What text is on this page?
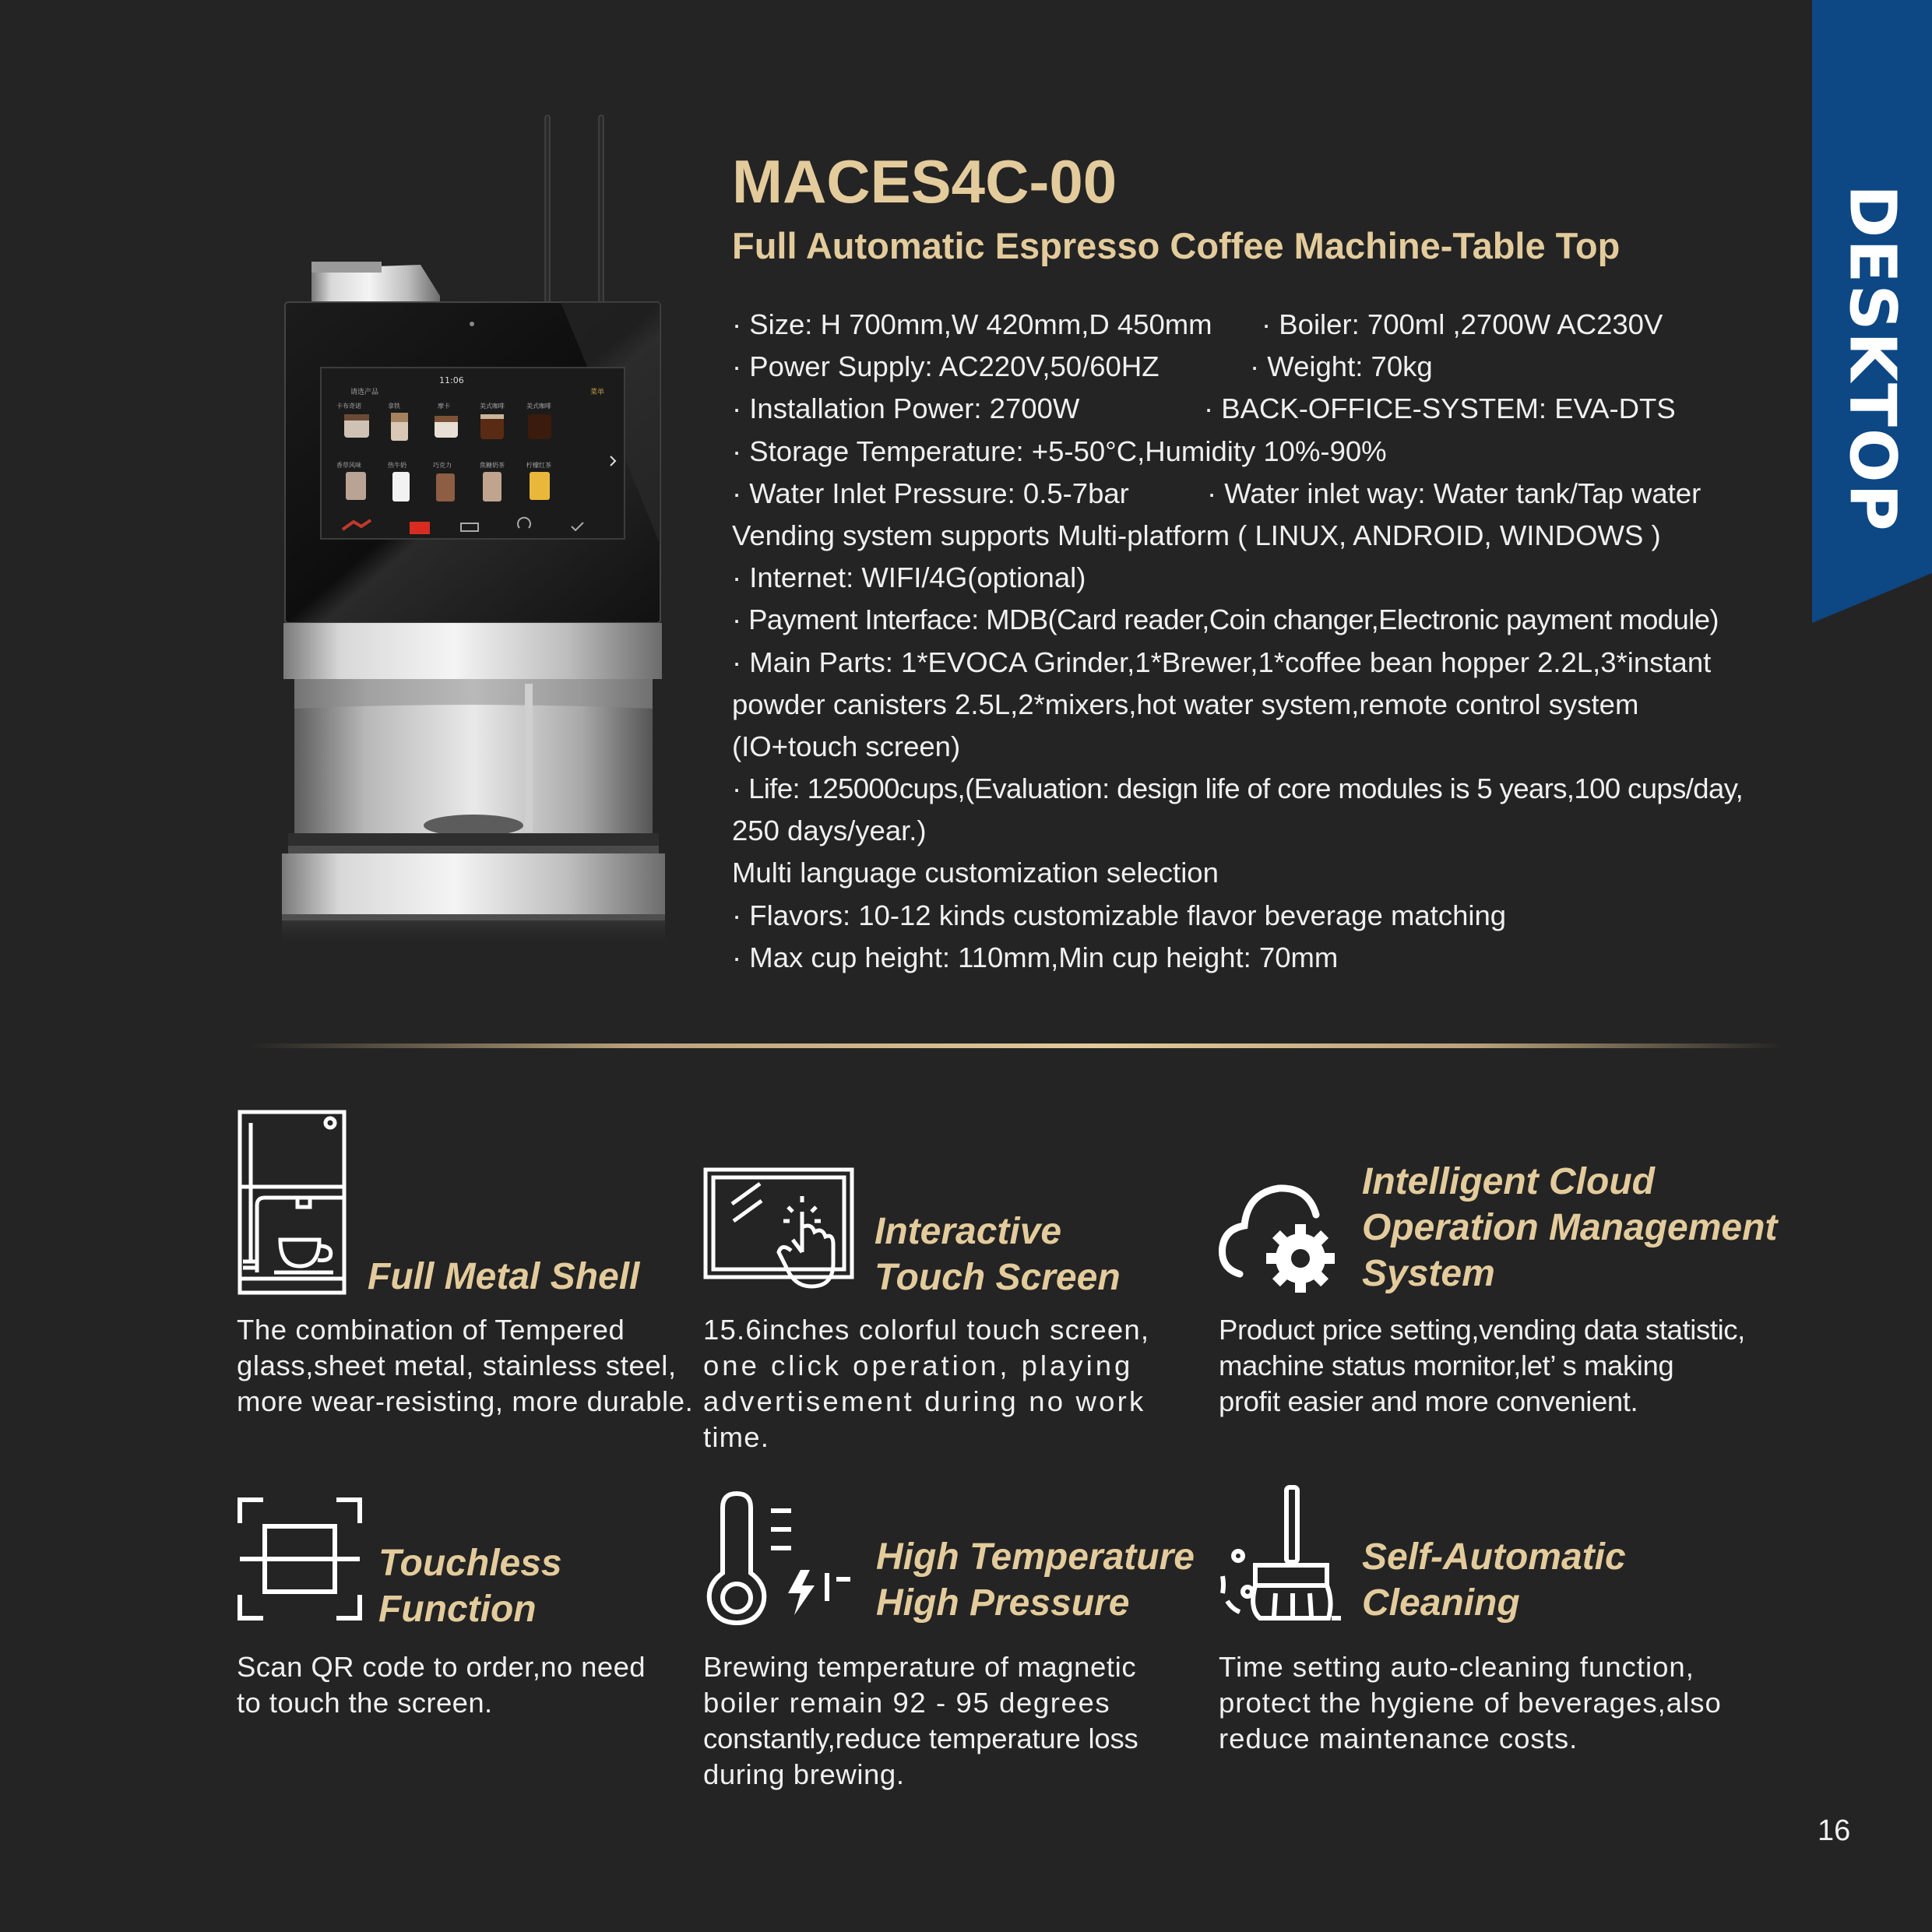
DESKTOP
11:06
请选产品	菜单
卡布奇诺	拿铁	摩卡	美式咖啡	美式咖啡
香草风味	热牛奶	巧克力	焦糖奶茶	柠檬红茶
MACES4C-00
Full Automatic Espresso Coffee Machine-Table Top
· Size: H 700mm,W 420mm,D 450mm · Boiler: 700ml ,2700W AC230V
· Power Supply: AC220V,50/60HZ	· Weight: 70kg
· Installation Power: 2700W	· BACK-OFFICE-SYSTEM: EVA-DTS
· Storage Temperature: +5-50°C,Humidity 10%-90%
· Water Inlet Pressure: 0.5-7bar	· Water inlet way: Water tank/Tap water
Vending system supports Multi-platform ( LINUX, ANDROID, WINDOWS )
· Internet: WIFI/4G(optional)
· Payment Interface: MDB(Card reader,Coin changer,Electronic payment module)
· Main Parts: 1*EVOCA Grinder,1*Brewer,1*coffee bean hopper 2.2L,3*instant
powder canisters 2.5L,2*mixers,hot water system,remote control system
(IO+touch screen)
· Life: 125000cups,(Evaluation: design life of core modules is 5 years,100 cups/day,
250 days/year.)
Multi language customization selection
· Flavors: 10-12 kinds customizable flavor beverage matching
· Max cup height: 110mm,Min cup height: 70mm
Full Metal Shell

The combination of Tempered
glass,sheet metal, stainless steel,
more wear-resisting, more durable.

Interactive
Touch Screen

15.6inches colorful touch screen,
one click operation, playing
advertisement during no work
time.

Intelligent Cloud
Operation Management
System

Product price setting,vending data statistic,
machine status mornitor,let’ s making
profit easier and more convenient.

Touchless
Function

Scan QR code to order,no need
to touch the screen.

High Temperature
High Pressure

Brewing temperature of magnetic
boiler remain 92 - 95 degrees
constantly,reduce temperature loss
during brewing.

Self-Automatic
Cleaning

Time setting auto-cleaning function,
protect the hygiene of beverages,also
reduce maintenance costs.

16
